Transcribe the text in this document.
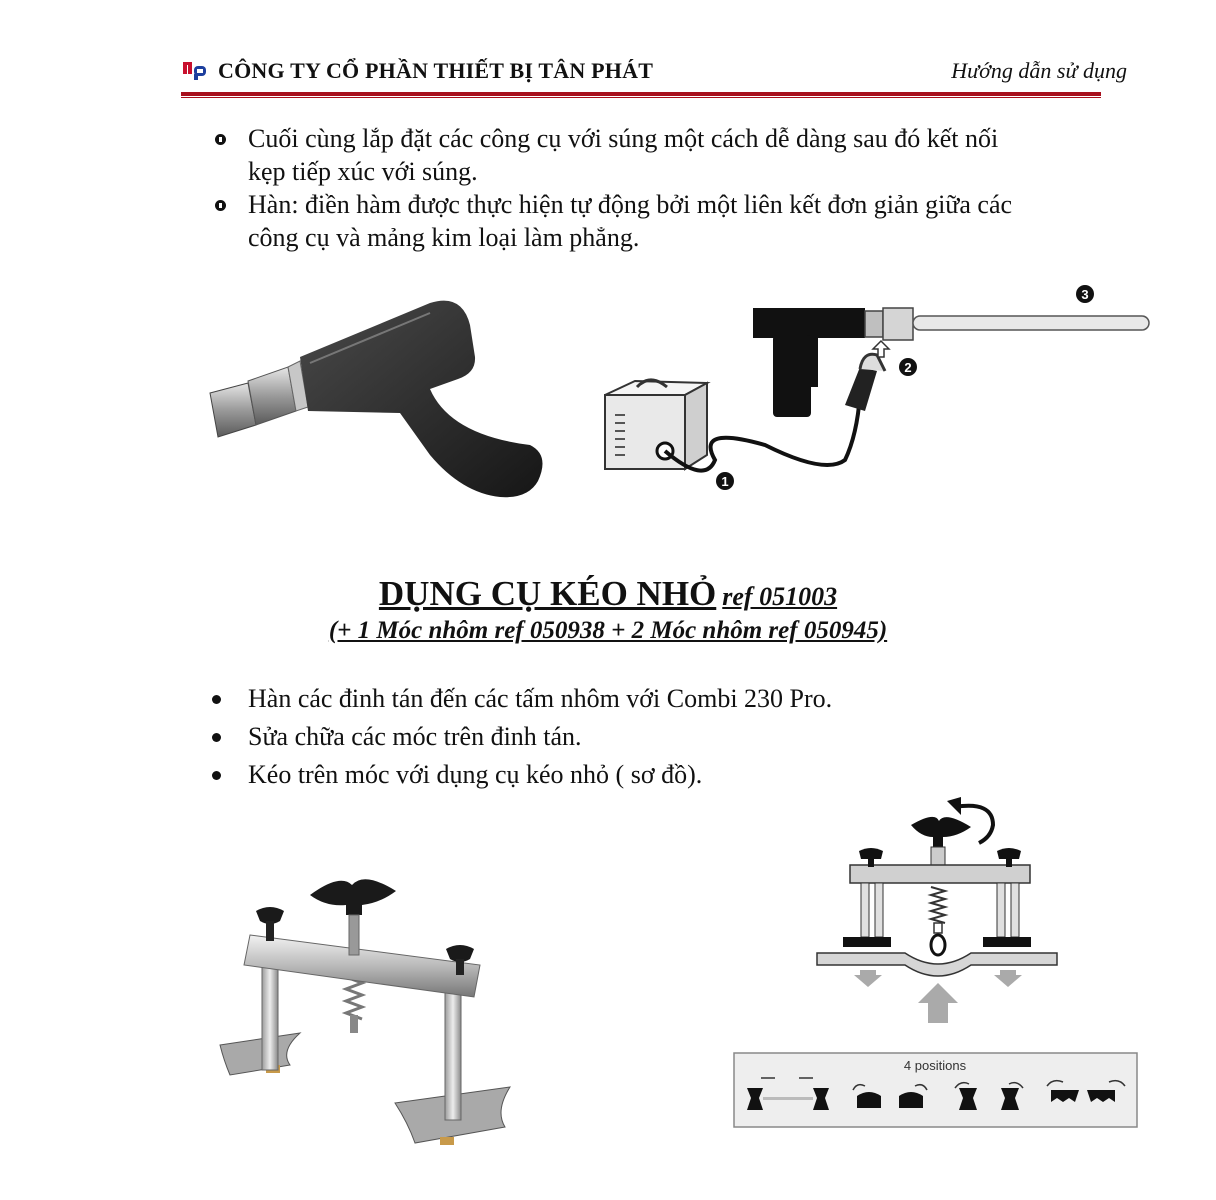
CÔNG TY CỔ PHẦN THIẾT BỊ TÂN PHÁT	Hướng dẫn sử dụng
Cuối cùng lắp đặt các công cụ với súng một cách dễ dàng sau đó kết nối
kẹp tiếp xúc với súng.
Hàn: điền hàm được thực hiện tự động bởi một liên kết đơn giản giữa các
công cụ và mảng kim loại làm phẳng.
1
2
3
DỤNG CỤ KÉO NHỎ ref 051003
(+ 1 Móc nhôm ref 050938 + 2 Móc nhôm ref 050945)
Hàn các đinh tán đến các tấm nhôm với Combi 230 Pro.
Sửa chữa các móc trên đinh tán.
Kéo trên móc với dụng cụ kéo nhỏ ( sơ đồ).
4 positions
